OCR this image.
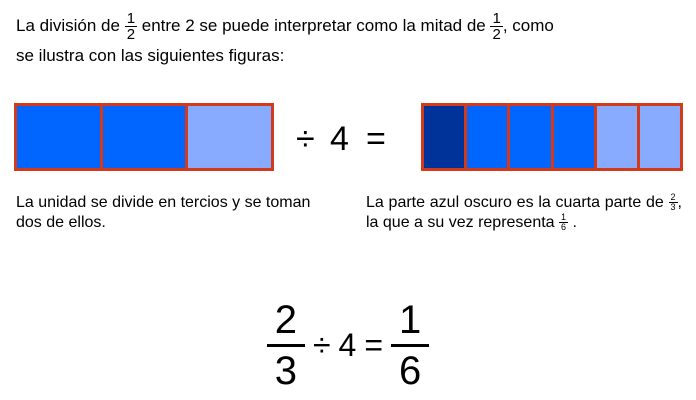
La división de $\frac{1}{2}$ entre 2 se puede interpretar como la mitad de $\frac{1}{2}$ , como
se ilustra con las siguientes figuras:
÷ 4 =
La unidad se divide en tercios y se toman dos de ellos.
La parte azul oscuro es la cuarta parte de $\frac{2}{3}$ , la que a su vez representa $\frac{1}{6}$ .
$\frac{2}{3} \div 4 = \frac{1}{6}$
